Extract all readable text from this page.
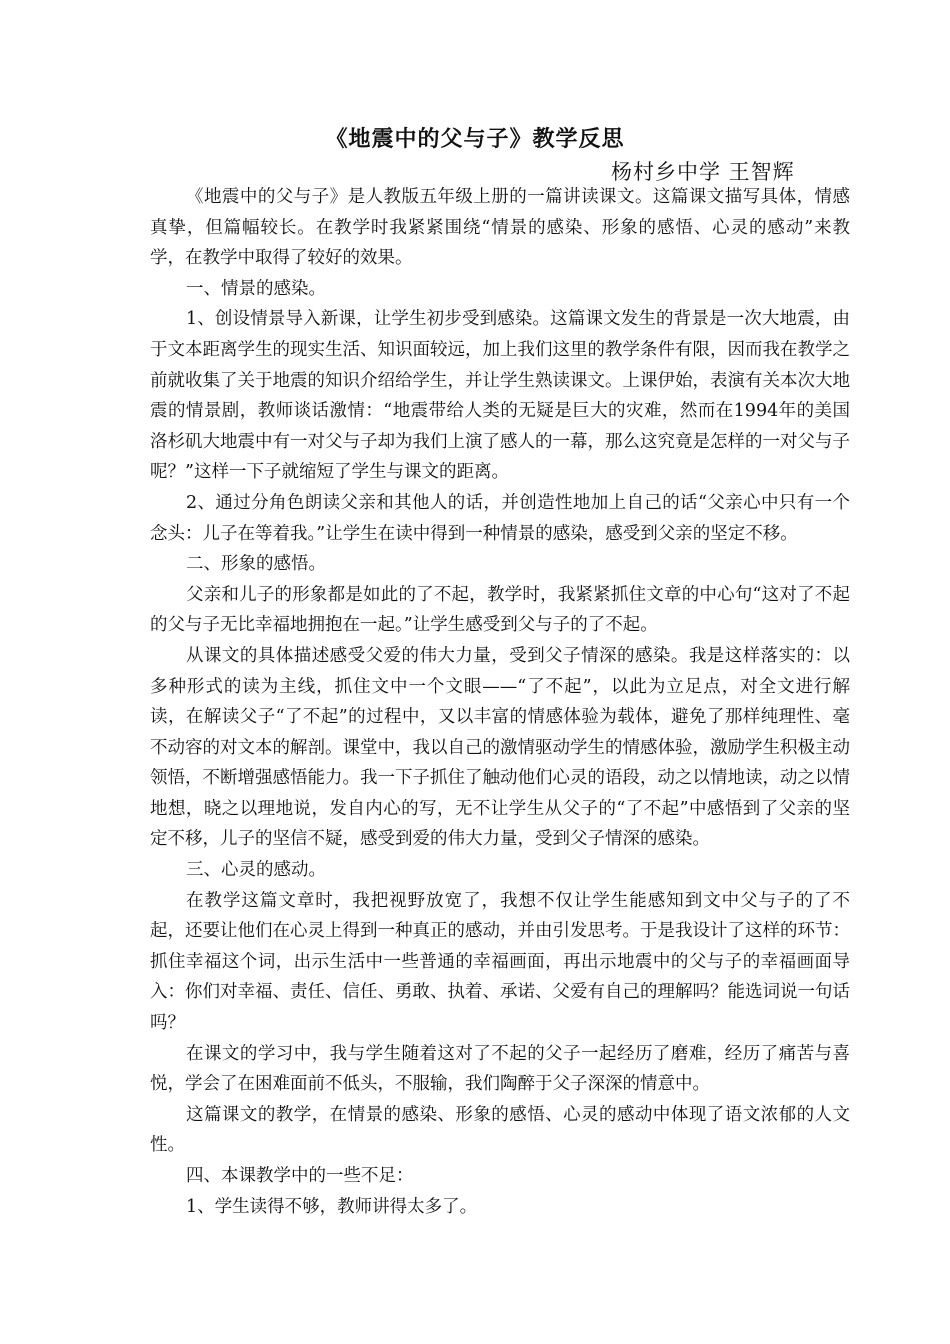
《地震中的父与子》教学反思
杨村乡中学 王智辉

《地震中的父与子》是人教版五年级上册的一篇讲读课文。这篇课文描写具体，情感真挚，但篇幅较长。在教学时我紧紧围绕“情景的感染、形象的感悟、心灵的感动”来教学，在教学中取得了较好的效果。

一、情景的感染。

1、创设情景导入新课，让学生初步受到感染。这篇课文发生的背景是一次大地震，由于文本距离学生的现实生活、知识面较远，加上我们这里的教学条件有限，因而我在教学之前就收集了关于地震的知识介绍给学生，并让学生熟读课文。上课伊始，表演有关本次大地震的情景剧，教师谈话激情：“地震带给人类的无疑是巨大的灾难，然而在1994年的美国洛杉矶大地震中有一对父与子却为我们上演了感人的一幕，那么这究竟是怎样的一对父与子呢？”这样一下子就缩短了学生与课文的距离。

2、通过分角色朗读父亲和其他人的话，并创造性地加上自己的话“父亲心中只有一个念头：儿子在等着我。”让学生在读中得到一种情景的感染，感受到父亲的坚定不移。

二、形象的感悟。

父亲和儿子的形象都是如此的了不起，教学时，我紧紧抓住文章的中心句“这对了不起的父与子无比幸福地拥抱在一起。”让学生感受到父与子的了不起。

从课文的具体描述感受父爱的伟大力量，受到父子情深的感染。我是这样落实的：以多种形式的读为主线，抓住文中一个文眼——“了不起”，以此为立足点，对全文进行解读，在解读父子“了不起”的过程中，又以丰富的情感体验为载体，避免了那样纯理性、毫不动容的对文本的解剖。课堂中，我以自己的激情驱动学生的情感体验，激励学生积极主动领悟，不断增强感悟能力。我一下子抓住了触动他们心灵的语段，动之以情地读，动之以情地想，晓之以理地说，发自内心的写，无不让学生从父子的“了不起”中感悟到了父亲的坚定不移，儿子的坚信不疑，感受到爱的伟大力量，受到父子情深的感染。

三、心灵的感动。

在教学这篇文章时，我把视野放宽了，我想不仅让学生能感知到文中父与子的了不起，还要让他们在心灵上得到一种真正的感动，并由引发思考。于是我设计了这样的环节：抓住幸福这个词，出示生活中一些普通的幸福画面，再出示地震中的父与子的幸福画面导入：你们对幸福、责任、信任、勇敢、执着、承诺、父爱有自己的理解吗？能选词说一句话吗？

在课文的学习中，我与学生随着这对了不起的父子一起经历了磨难，经历了痛苦与喜悦，学会了在困难面前不低头，不服输，我们陶醉于父子深深的情意中。

这篇课文的教学，在情景的感染、形象的感悟、心灵的感动中体现了语文浓郁的人文性。

四、本课教学中的一些不足：

1、学生读得不够，教师讲得太多了。
